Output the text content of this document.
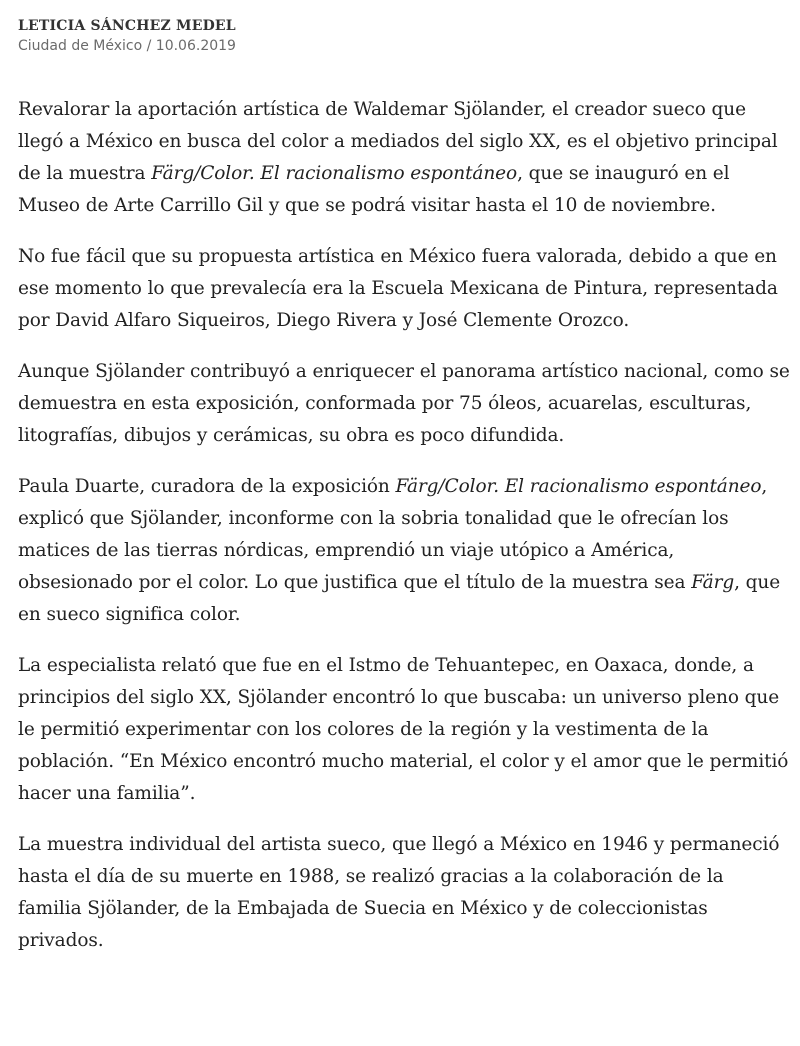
LETICIA SÁNCHEZ MEDEL

Ciudad de México / 10.06.2019

Revalorar la aportación artística de Waldemar Sjölander, el creador sueco que llegó a México en busca del color a mediados del siglo XX, es el objetivo principal de la muestra Färg/Color. El racionalismo espontáneo, que se inauguró en el Museo de Arte Carrillo Gil y que se podrá visitar hasta el 10 de noviembre.

No fue fácil que su propuesta artística en México fuera valorada, debido a que en ese momento lo que prevalecía era la Escuela Mexicana de Pintura, representada por David Alfaro Siqueiros, Diego Rivera y José Clemente Orozco.

Aunque Sjölander contribuyó a enriquecer el panorama artístico nacional, como se demuestra en esta exposición, conformada por 75 óleos, acuarelas, esculturas, litografías, dibujos y cerámicas, su obra es poco difundida.

Paula Duarte, curadora de la exposición Färg/Color. El racionalismo espontáneo, explicó que Sjölander, inconforme con la sobria tonalidad que le ofrecían los matices de las tierras nórdicas, emprendió un viaje utópico a América, obsesionado por el color. Lo que justifica que el título de la muestra sea Färg, que en sueco significa color.

La especialista relató que fue en el Istmo de Tehuantepec, en Oaxaca, donde, a principios del siglo XX, Sjölander encontró lo que buscaba: un universo pleno que le permitió experimentar con los colores de la región y la vestimenta de la población. “En México encontró mucho material, el color y el amor que le permitió hacer una familia”.

La muestra individual del artista sueco, que llegó a México en 1946 y permaneció hasta el día de su muerte en 1988, se realizó gracias a la colaboración de la familia Sjölander, de la Embajada de Suecia en México y de coleccionistas privados.
